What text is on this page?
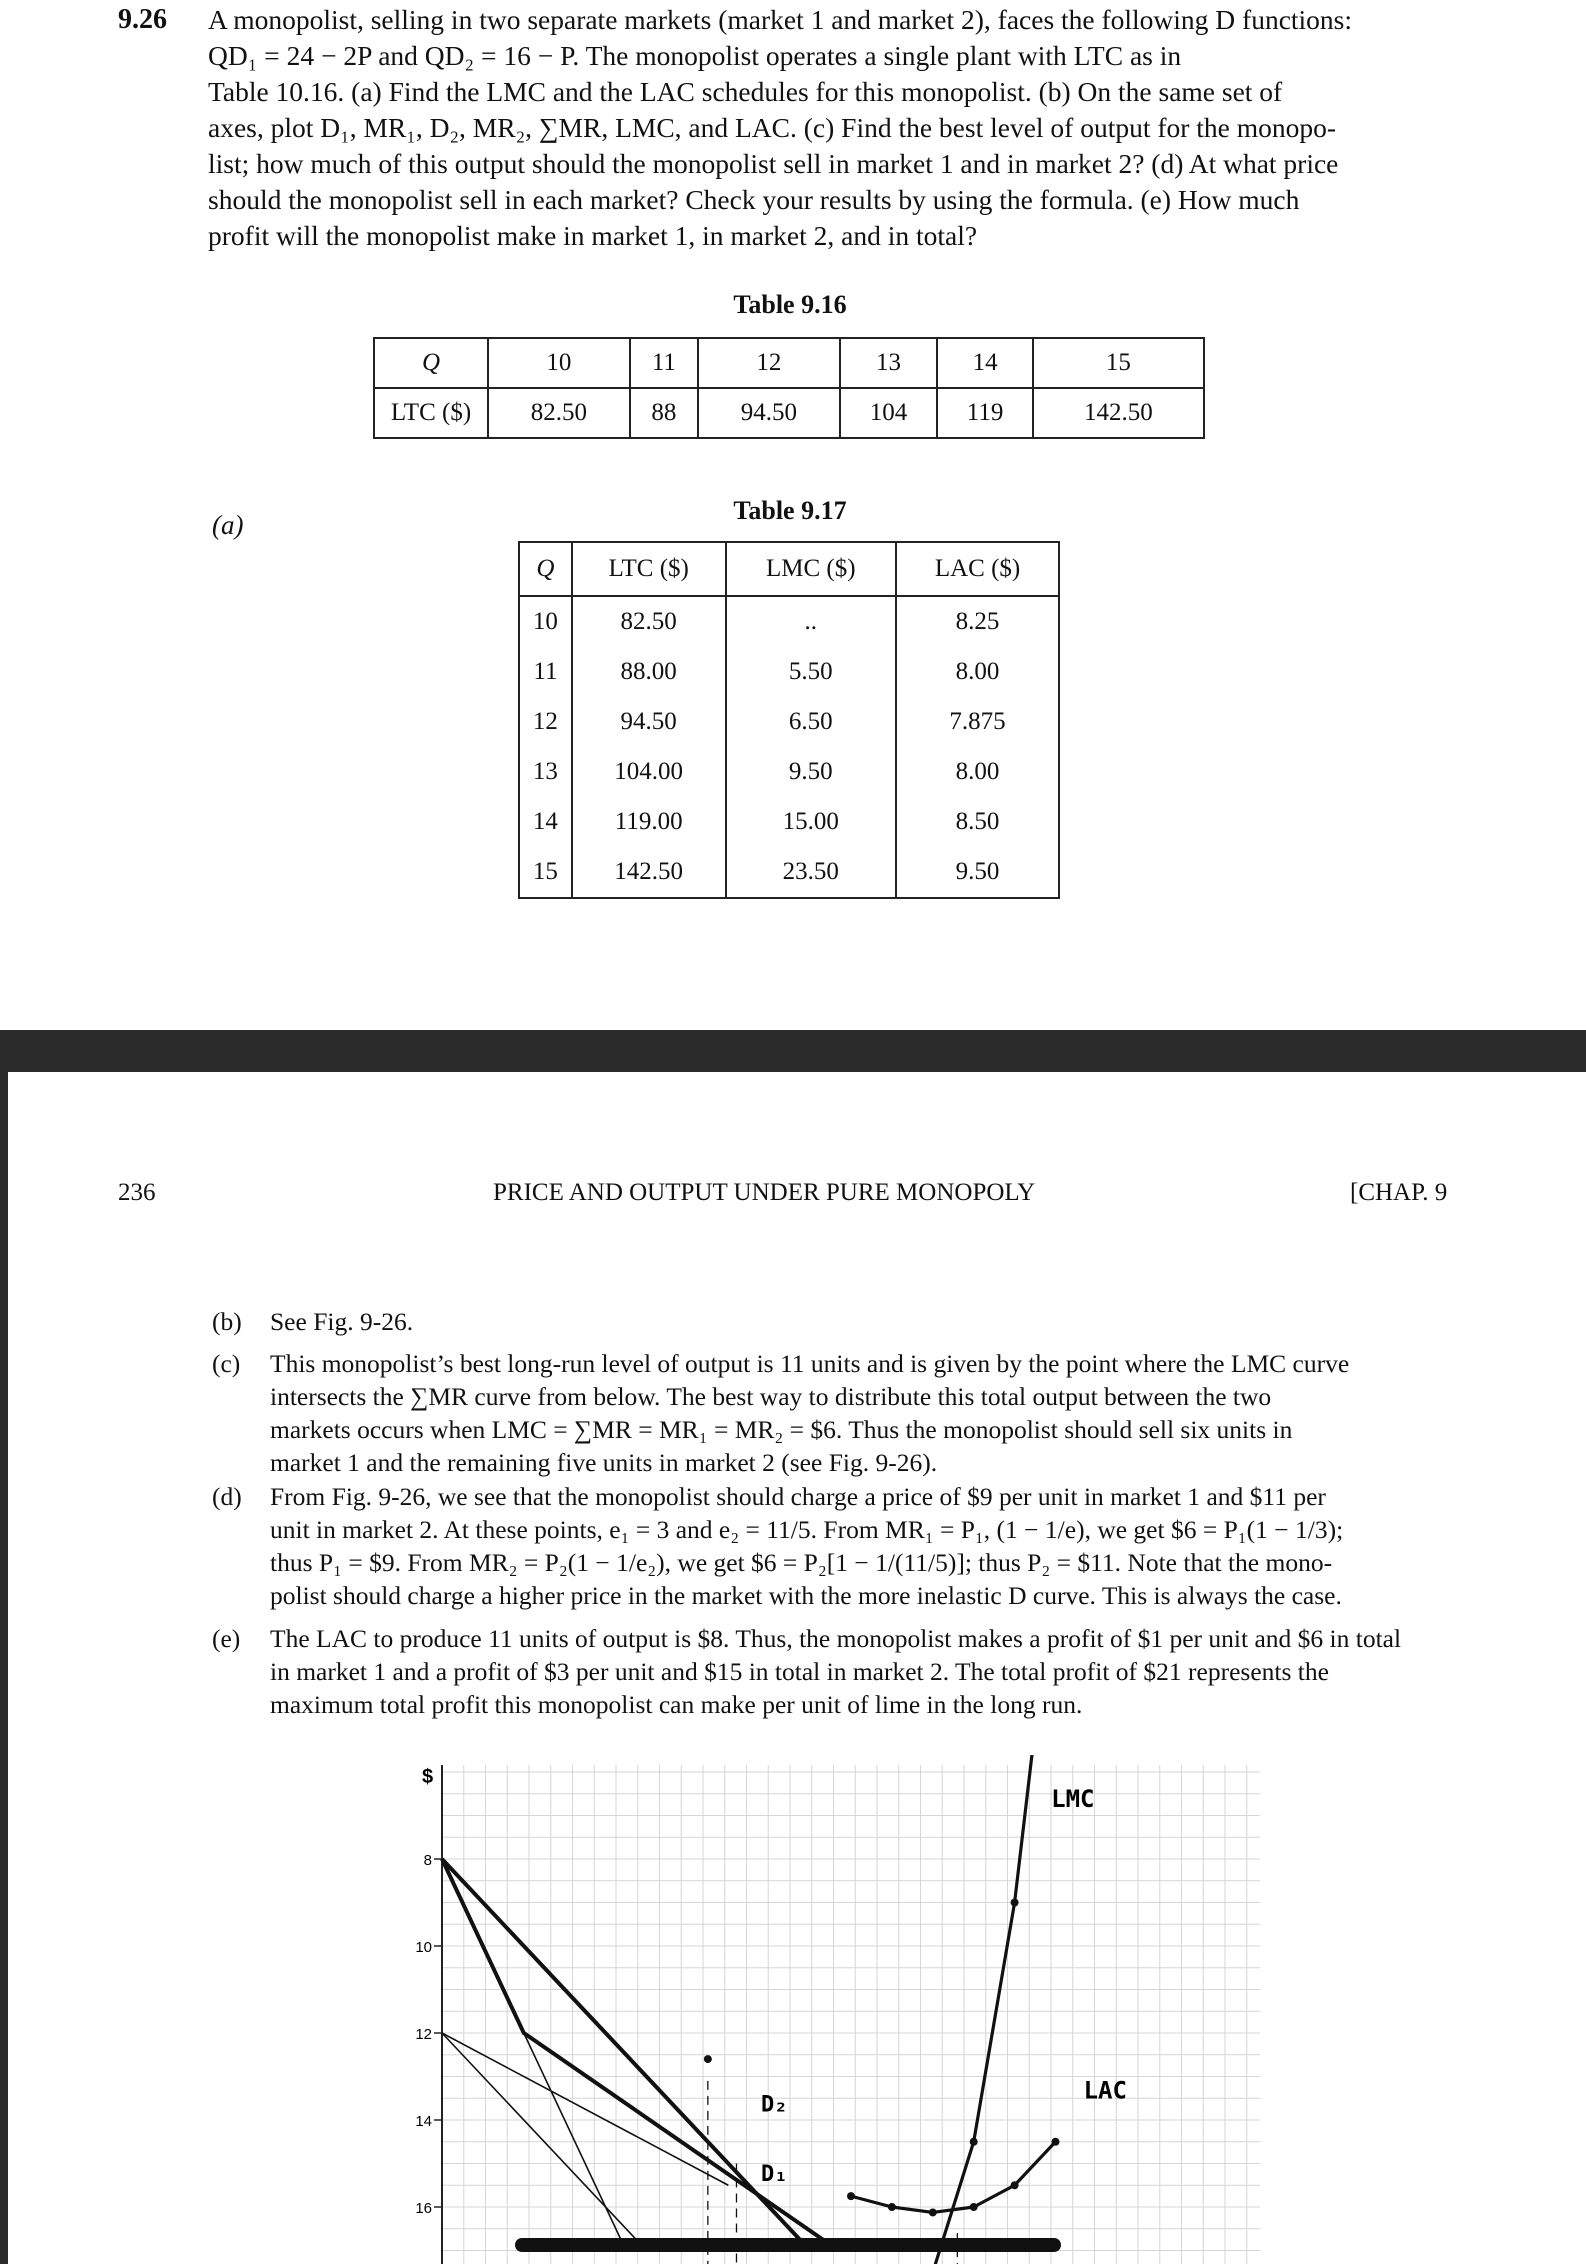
9.26 A monopolist, selling in two separate markets (market 1 and market 2), faces the following D functions:
QD₁ = 24 − 2P and QD₂ = 16 − P. The monopolist operates a single plant with LTC as in
Table 10.16. (a) Find the LMC and the LAC schedules for this monopolist. (b) On the same set of
axes, plot D₁, MR₁, D₂, MR₂, ∑MR, LMC, and LAC. (c) Find the best level of output for the monopo-
list; how much of this output should the monopolist sell in market 1 and in market 2? (d) At what price
should the monopolist sell in each market? Check your results by using the formula. (e) How much
profit will the monopolist make in market 1, in market 2, and in total?
Table 9.16
Q	10	11	12	13	14	15
LTC ($)	82.50	88	94.50	104	119	142.50
(a)	Table 9.17
Q	LTC ($)	LMC ($)	LAC ($)
10	82.50	..	8.25
11	88.00	5.50	8.00
12	94.50	6.50	7.875
13	104.00	9.50	8.00
14	119.00	15.00	8.50
15	142.50	23.50	9.50
236	PRICE AND OUTPUT UNDER PURE MONOPOLY	[CHAP. 9
(b) See Fig. 9-26.
(c) This monopolist’s best long-run level of output is 11 units and is given by the point where the LMC curve
intersects the ∑MR curve from below. The best way to distribute this total output between the two
markets occurs when LMC = ∑MR = MR₁ = MR₂ = $6. Thus the monopolist should sell six units in
market 1 and the remaining five units in market 2 (see Fig. 9-26).
(d) From Fig. 9-26, we see that the monopolist should charge a price of $9 per unit in market 1 and $11 per
unit in market 2. At these points, e₁ = 3 and e₂ = 11/5. From MR₁ = P₁, (1 − 1/e), we get $6 = P₁(1 − 1/3);
thus P₁ = $9. From MR₂ = P₂(1 − 1/e₂), we get $6 = P₂[1 − 1/(11/5)]; thus P₂ = $11. Note that the mono-
polist should charge a higher price in the market with the more inelastic D curve. This is always the case.
(e) The LAC to produce 11 units of output is $8. Thus, the monopolist makes a profit of $1 per unit and $6 in total
in market 1 and a profit of $3 per unit and $15 in total in market 2. The total profit of $21 represents the
maximum total profit this monopolist can make per unit of lime in the long run.
$
16
14
12
10
8
LMC
LAC
D₂
D₁
